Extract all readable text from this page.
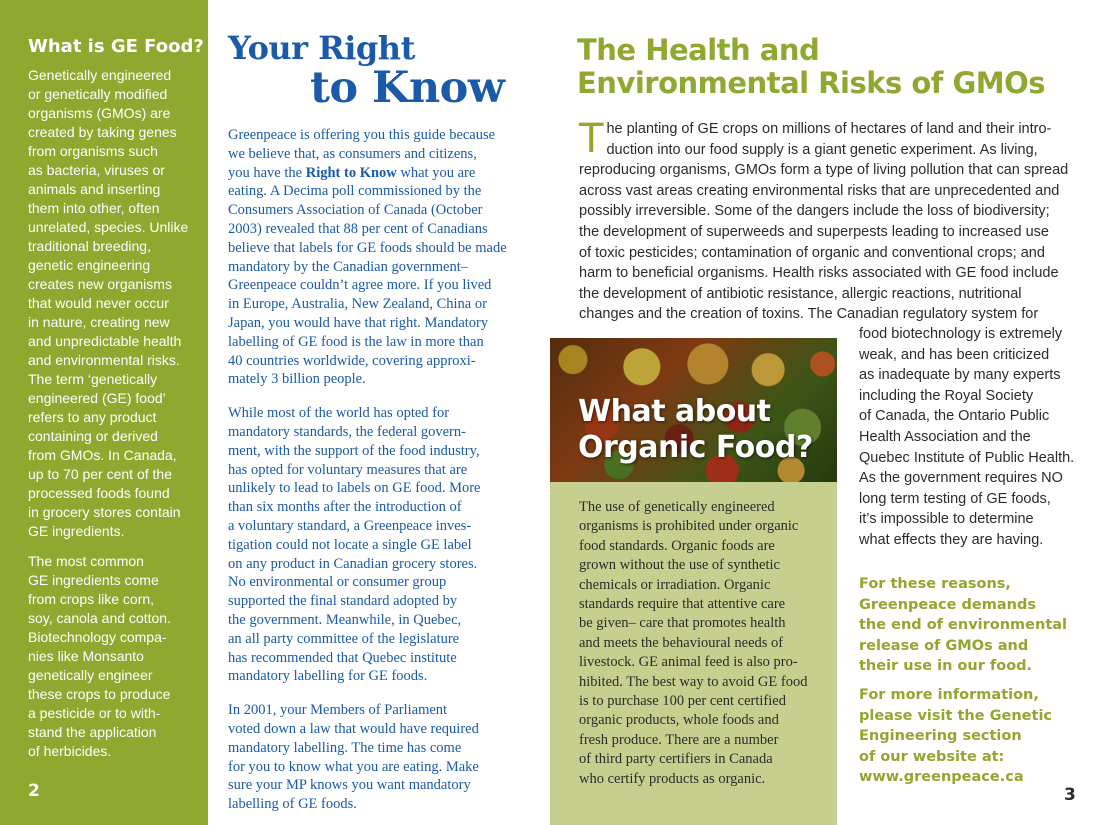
What is GE Food?

Genetically engineered
or genetically modified
organisms (GMOs) are
created by taking genes
from organisms such
as bacteria, viruses or
animals and inserting
them into other, often
unrelated, species. Unlike
traditional breeding,
genetic engineering
creates new organisms
that would never occur
in nature, creating new
and unpredictable health
and environmental risks.
The term ‘genetically
engineered (GE) food’
refers to any product
containing or derived
from GMOs. In Canada,
up to 70 per cent of the
processed foods found
in grocery stores contain
GE ingredients.

The most common
GE ingredients come
from crops like corn,
soy, canola and cotton.
Biotechnology compa-
nies like Monsanto
genetically engineer
these crops to produce
a pesticide or to with-
stand the application
of herbicides.

2
Your Right
to Know

Greenpeace is offering you this guide because
we believe that, as consumers and citizens,
you have the Right to Know what you are
eating. A Decima poll commissioned by the
Consumers Association of Canada (October
2003) revealed that 88 per cent of Canadians
believe that labels for GE foods should be made
mandatory by the Canadian government–
Greenpeace couldn’t agree more. If you lived
in Europe, Australia, New Zealand, China or
Japan, you would have that right. Mandatory
labelling of GE food is the law in more than
40 countries worldwide, covering approxi-
mately 3 billion people.

While most of the world has opted for
mandatory standards, the federal govern-
ment, with the support of the food industry,
has opted for voluntary measures that are
unlikely to lead to labels on GE food. More
than six months after the introduction of
a voluntary standard, a Greenpeace inves-
tigation could not locate a single GE label
on any product in Canadian grocery stores.
No environmental or consumer group
supported the final standard adopted by
the government. Meanwhile, in Quebec,
an all party committee of the legislature
has recommended that Quebec institute
mandatory labelling for GE foods.

In 2001, your Members of Parliament
voted down a law that would have required
mandatory labelling. The time has come
for you to know what you are eating. Make
sure your MP knows you want mandatory
labelling of GE foods.

The Health and
Environmental Risks of GMOs
T he planting of GE crops on millions of hectares of land and their intro-
duction into our food supply is a giant genetic experiment. As living,
reproducing organisms, GMOs form a type of living pollution that can spread
across vast areas creating environmental risks that are unprecedented and
possibly irreversible. Some of the dangers include the loss of biodiversity;
the development of superweeds and superpests leading to increased use
of toxic pesticides; contamination of organic and conventional crops; and
harm to beneficial organisms. Health risks associated with GE food include
the development of antibiotic resistance, allergic reactions, nutritional
changes and the creation of toxins. The Canadian regulatory system for
food biotechnology is extremely
weak, and has been criticized
as inadequate by many experts
including the Royal Society
of Canada, the Ontario Public
Health Association and the
Quebec Institute of Public Health.
As the government requires NO
long term testing of GE foods,
it’s impossible to determine
what effects they are having.

For these reasons,
Greenpeace demands
the end of environmental
release of GMOs and
their use in our food.

For more information,
please visit the Genetic
Engineering section
of our website at:
www.greenpeace.ca

What about
Organic Food?

The use of genetically engineered
organisms is prohibited under organic
food standards. Organic foods are
grown without the use of synthetic
chemicals or irradiation. Organic
standards require that attentive care
be given– care that promotes health
and meets the behavioural needs of
livestock. GE animal feed is also pro-
hibited. The best way to avoid GE food
is to purchase 100 per cent certified
organic products, whole foods and
fresh produce. There are a number
of third party certifiers in Canada
who certify products as organic.

3
